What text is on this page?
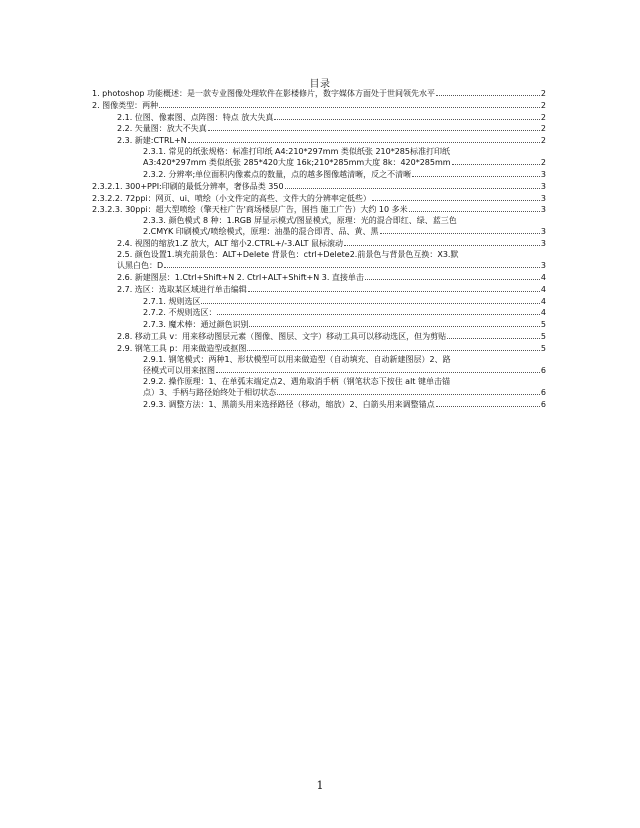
目录
1. photoshop 功能概述：是一款专业图像处理软件在影楼修片，数字媒体方面处于世间领先水平	2
2. 图像类型：两种	2
2.1. 位图、像素图、点阵图：特点 放大失真	2
2.2. 矢量图：放大不失真	2
2.3. 新建:CTRL+N	2
2.3.1. 常见的纸张规格：标准打印纸 A4:210*297mm 类似纸张 210*285标准打印纸
A3:420*297mm 类似纸张 285*420大度 16k;210*285mm大度 8k：420*285mm	2
2.3.2. 分辨率;单位面积内像素点的数量，点的越多图像越清晰，反之不清晰	3
2.3.2.1. 300+PPI:印刷的最低分辨率，奢侈品类 350	3
2.3.2.2. 72ppi：网页、ui、喷绘（小文件定的高些、文件大的分辨率定低些）	3
2.3.2.3. 30ppi：超大型喷绘（擎天柱广告'商场楼层广告，围挡 施工广告）大约 10 多米	3
2.3.3. 颜色模式 8 种：1.RGB 屏显示模式/图显模式，原理：光的混合即红、绿、蓝三色
2.CMYK 印刷模式/喷绘模式，原理：油墨的混合即青、品、黄、黑	3
2.4. 视图的缩放1.Z 放大，ALT 缩小2.CTRL+/-3.ALT 鼠标滚动	3
2.5. 颜色设置1.填充前景色：ALT+Delete 背景色：ctrl+Delete2.前景色与背景色互换：X3.默
认黑白色：D	3
2.6. 新建图层：1.Ctrl+Shift+N 2. Ctrl+ALT+Shift+N 3. 直接单击	4
2.7. 选区：选取某区域进行单击编辑	4
2.7.1. 规则选区	4
2.7.2. 不规则选区：	4
2.7.3. 魔术棒：通过颜色识别	5
2.8. 移动工具 v：用来移动图层元素（图像、图层、文字）移动工具可以移动选区，但为剪贴	5
2.9. 钢笔工具 p：用来做造型或抠图	5
2.9.1. 钢笔模式：两种1、形状模型可以用来做造型（自动填充、自动新建图层）2、路
径模式可以用来抠图	6
2.9.2. 操作原理：1、在单弧末端定点2、遇角取消手柄（钢笔状态下按住 alt 键单击锚
点）3、手柄与路径始终处于相切状态	6
2.9.3. 调整方法：1、黑箭头用来选择路径（移动，缩放）2、白箭头用来调整锚点	6
1
